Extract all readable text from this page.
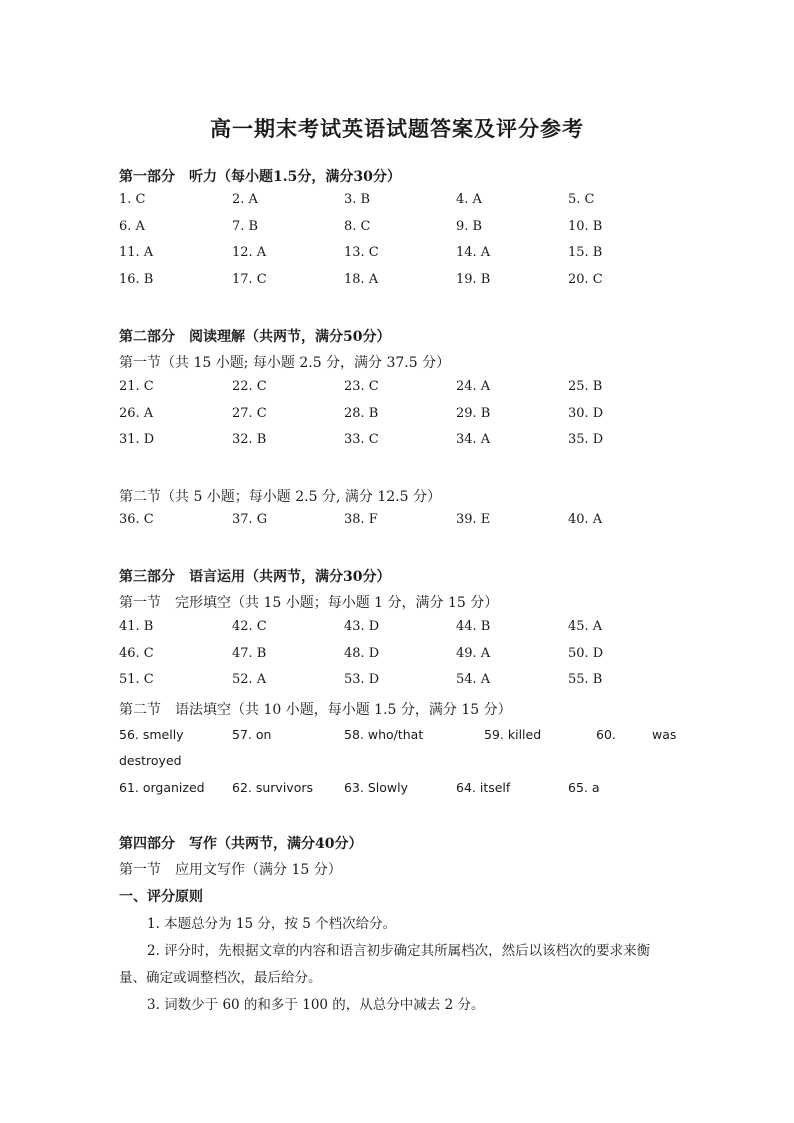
高一期末考试英语试题答案及评分参考
第一部分　听力（每小题1.5分，满分30分）
1. C	2. A	3. B	4. A	5. C
6. A	7. B	8. C	9. B	10. B
11. A	12. A	13. C	14. A	15. B
16. B	17. C	18. A	19. B	20. C
第二部分　阅读理解（共两节，满分50分）
第一节（共 15 小题; 每小题 2.5 分，满分 37.5 分）
21. C	22. C	23. C	24. A	25. B
26. A	27. C	28. B	29. B	30. D
31. D	32. B	33. C	34. A	35. D
第二节（共 5 小题；每小题 2.5 分, 满分 12.5 分）
36. C	37. G	38. F	39. E	40. A
第三部分　语言运用（共两节，满分30分）
第一节　完形填空（共 15 小题；每小题 1 分，满分 15 分）
41. B	42. C	43. D	44. B	45. A
46. C	47. B	48. D	49. A	50. D
51. C	52. A	53. D	54. A	55. B
第二节　语法填空（共 10 小题，每小题 1.5 分，满分 15 分）
56. smelly	57. on	58. who/that	59. killed	60.	was
destroyed
61. organized 62. survivors 63. Slowly	64. itself	65. a
第四部分　写作（共两节，满分40分）
第一节　应用文写作（满分 15 分）
一、评分原则
1. 本题总分为 15 分，按 5 个档次给分。
2. 评分时，先根据文章的内容和语言初步确定其所属档次，然后以该档次的要求来衡
量、确定或调整档次，最后给分。
3. 词数少于 60 的和多于 100 的，从总分中减去 2 分。
